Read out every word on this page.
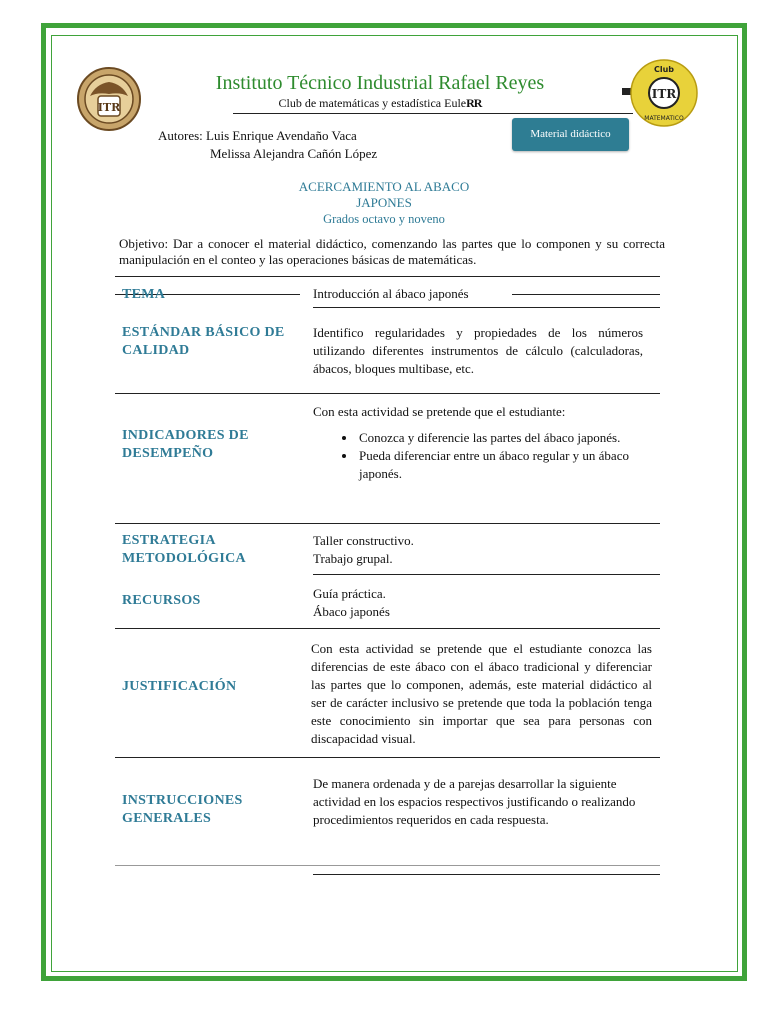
ITR
ITR
Club
MATEMATICO
Instituto Técnico Industrial Rafael Reyes
Club de matemáticas y estadística EuleRR
Autores: Luis Enrique Avendaño Vaca
Melissa Alejandra Cañón López
Material didáctico
ACERCAMIENTO AL ABACO
JAPONES
Grados octavo y noveno
Objetivo: Dar a conocer el material didáctico, comenzando las partes que lo componen y su correcta manipulación en el conteo y las operaciones básicas de matemáticas.
TEMA	Introducción al ábaco japonés
ESTÁNDAR BÁSICO DE CALIDAD
Identifico regularidades y propiedades de los números utilizando diferentes instrumentos de cálculo (calculadoras, ábacos, bloques multibase, etc.
INDICADORES DE DESEMPEÑO
Con esta actividad se pretende que el estudiante:
• Conozca y diferencie las partes del ábaco japonés.
• Pueda diferenciar entre un ábaco regular y un ábaco japonés.
ESTRATEGIA METODOLÓGICA
Taller constructivo.
Trabajo grupal.
RECURSOS	Guía práctica.
Ábaco japonés
JUSTIFICACIÓN
Con esta actividad se pretende que el estudiante conozca las diferencias de este ábaco con el ábaco tradicional y diferenciar las partes que lo componen, además, este material didáctico al ser de carácter inclusivo se pretende que toda la población tenga este conocimiento sin importar que sea para personas con discapacidad visual.
INSTRUCCIONES GENERALES
De manera ordenada y de a parejas desarrollar la siguiente actividad en los espacios respectivos justificando o realizando procedimientos requeridos en cada respuesta.
